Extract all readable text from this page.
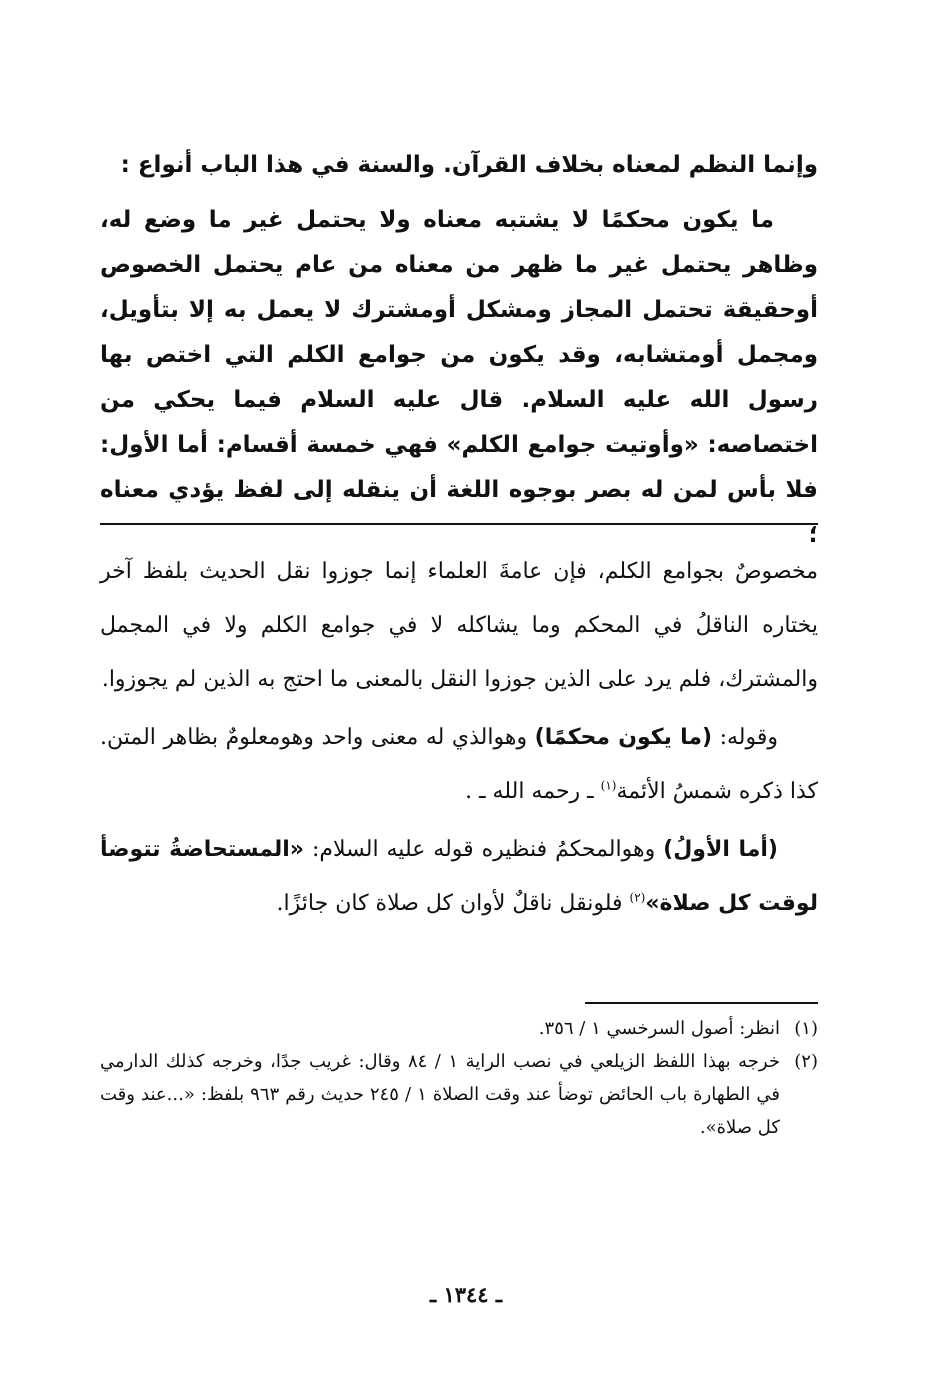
وإنما النظم لمعناه بخلاف القرآن. والسنة في هذا الباب أنواع :

ما يكون محكمًا لا يشتبه معناه ولا يحتمل غير ما وضع له، وظاهر يحتمل غير ما ظهر من معناه من عام يحتمل الخصوص أوحقيقة تحتمل المجاز ومشكل أومشترك لا يعمل به إلا بتأويل، ومجمل أومتشابه، وقد يكون من جوامع الكلم التي اختص بها رسول الله عليه السلام. قال عليه السلام فيما يحكي من اختصاصه: «وأوتيت جوامع الكلم» فهي خمسة أقسام: أما الأول: فلا بأس لمن له بصر بوجوه اللغة أن ينقله إلى لفظ يؤدي معناه ؛

مخصوصٌ بجوامع الكلم، فإن عامةَ العلماء إنما جوزوا نقل الحديث بلفظ آخر يختاره الناقلُ في المحكم وما يشاكله لا في جوامع الكلم ولا في المجمل والمشترك، فلم يرد على الذين جوزوا النقل بالمعنى ما احتج به الذين لم يجوزوا.

وقوله: (ما يكون محكمًا) وهوالذي له معنى واحد وهومعلومٌ بظاهر المتن. كذا ذكره شمسُ الأئمة$^{(١)}$ ـ رحمه الله ـ .

(أما الأولُ) وهوالمحكمُ فنظيره قوله عليه السلام: «المستحاضةُ تتوضأ لوقت كل صلاة»$^{(٢)}$ فلونقل ناقلٌ لأوان كل صلاة كان جائزًا.

(١)
انظر: أصول السرخسي ١ / ٣٥٦.
(٢)
خرجه بهذا اللفظ الزيلعي في نصب الراية ١ / ٨٤ وقال: غريب جدًا، وخرجه كذلك الدارمي في الطهارة باب الحائض توضأ عند وقت الصلاة ١ / ٢٤٥ حديث رقم ٩٦٣ بلفظ: «...عند وقت كل صلاة».
ـ ١٣٤٤ ـ
